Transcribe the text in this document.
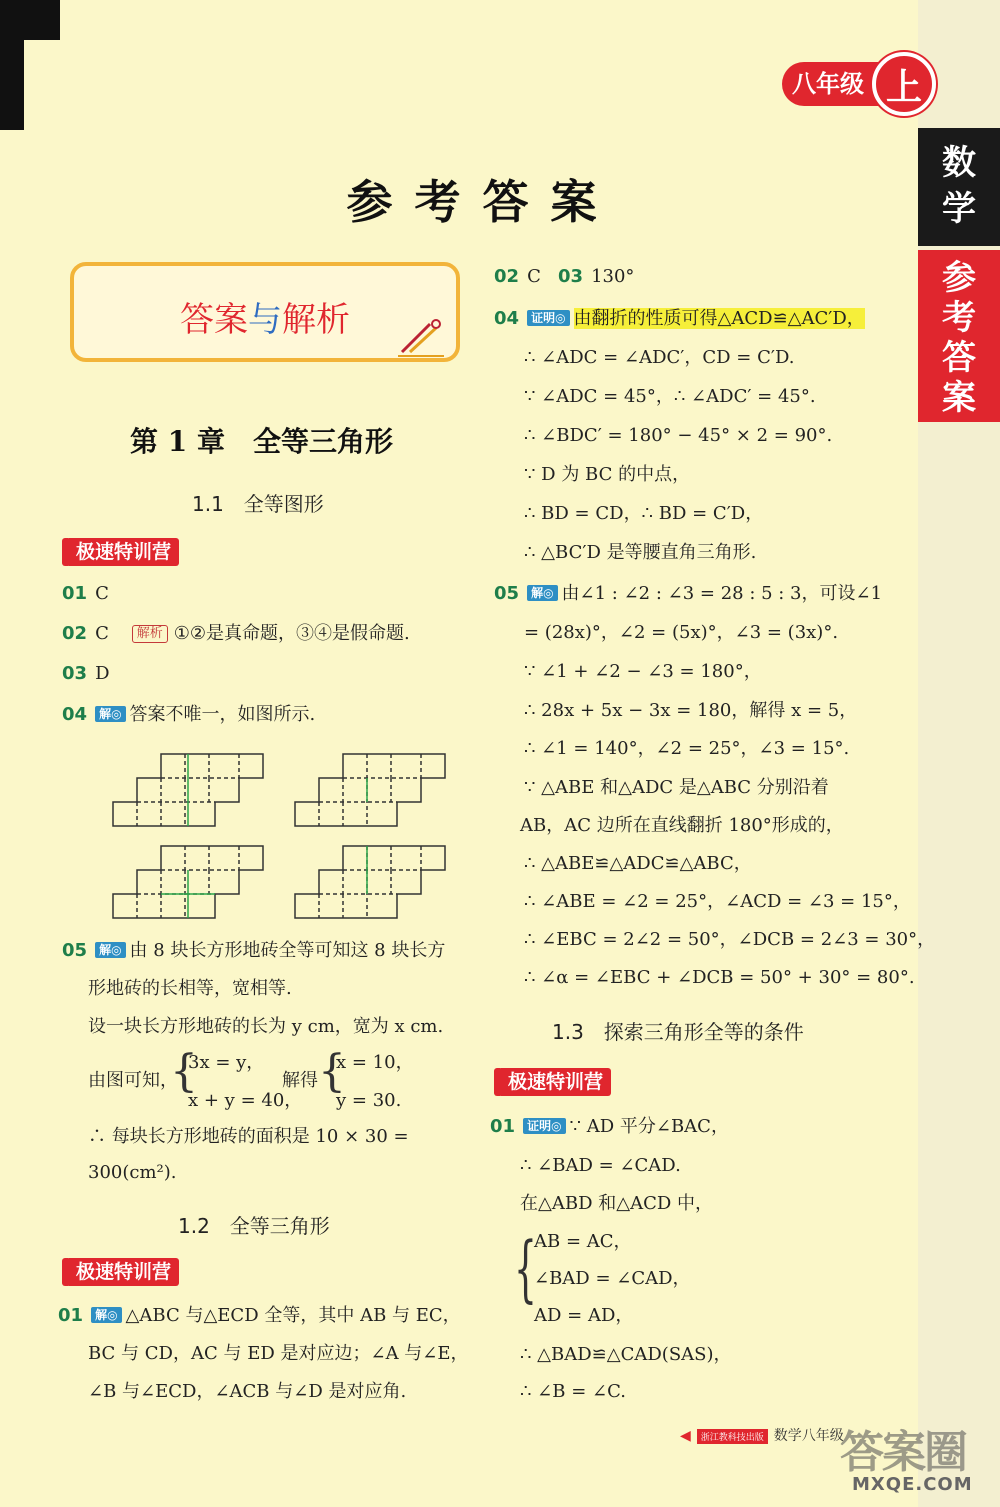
八年级 上
数
学
参
考
答
案
参考答案
答案与解析
第 1 章　全等三角形
1.1　全等图形
极速特训营
01 C
02 C 解析 ①②是真命题，③④是假命题.
03 D
04 解◎ 答案不唯一，如图所示.
05 解◎ 由 8 块长方形地砖全等可知这 8 块长方
形地砖的长相等，宽相等.
设一块长方形地砖的长为 y cm，宽为 x cm.
由图可知，
{
3x = y，
x + y = 40，
解得 {
x = 10，
y = 30.
∴ 每块长方形地砖的面积是 10 × 30 =
300(cm²).
1.2　全等三角形
极速特训营
01 解◎ △ABC 与△ECD 全等，其中 AB 与 EC，
BC 与 CD，AC 与 ED 是对应边；∠A 与∠E，
∠B 与∠ECD，∠ACB 与∠D 是对应角.
02 C 03 130°
04 证明◎ 由翻折的性质可得△ACD≌△AC′D，
∴ ∠ADC = ∠ADC′，CD = C′D.
∵ ∠ADC = 45°，∴ ∠ADC′ = 45°.
∴ ∠BDC′ = 180° − 45° × 2 = 90°.
∵ D 为 BC 的中点，
∴ BD = CD，∴ BD = C′D，
∴ △BC′D 是等腰直角三角形.
05 解◎ 由∠1 : ∠2 : ∠3 = 28 : 5 : 3，可设∠1
= (28x)°，∠2 = (5x)°，∠3 = (3x)°.
∵ ∠1 + ∠2 − ∠3 = 180°，
∴ 28x + 5x − 3x = 180，解得 x = 5，
∴ ∠1 = 140°，∠2 = 25°，∠3 = 15°.
∵ △ABE 和△ADC 是△ABC 分别沿着
AB，AC 边所在直线翻折 180°形成的，
∴ △ABE≌△ADC≌△ABC，
∴ ∠ABE = ∠2 = 25°，∠ACD = ∠3 = 15°，
∴ ∠EBC = 2∠2 = 50°，∠DCB = 2∠3 = 30°，
∴ ∠α = ∠EBC + ∠DCB = 50° + 30° = 80°.
1.3　探索三角形全等的条件
极速特训营
01 证明◎ ∵ AD 平分∠BAC，
∴ ∠BAD = ∠CAD.
在△ABD 和△ACD 中，
{
AB = AC，
∠BAD = ∠CAD，
AD = AD，
∴ △BAD≌△CAD(SAS)，
∴ ∠B = ∠C.
◀ 浙江教科技出版 数学八年级
答案圈
MXQE.COM
